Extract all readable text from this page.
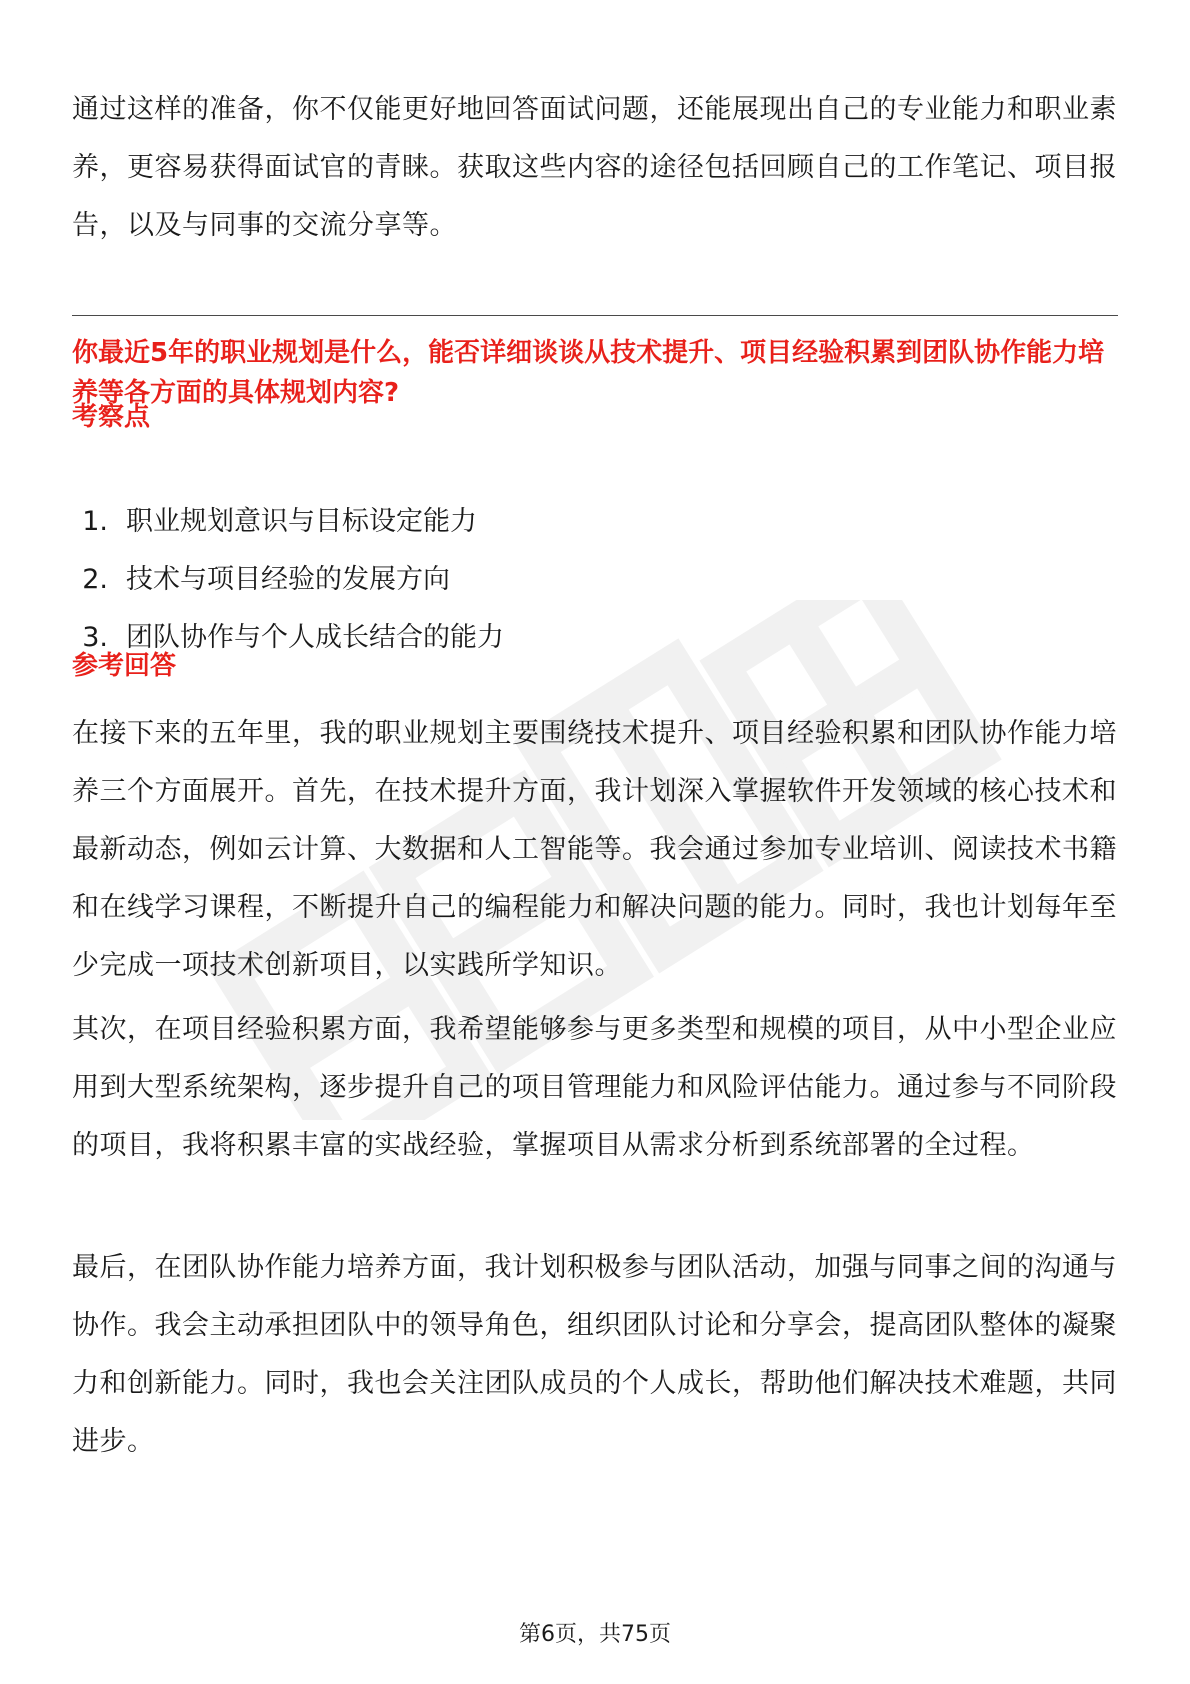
通过这样的准备，你不仅能更好地回答面试问题，还能展现出自己的专业能力和职业素养，更容易获得面试官的青睐。获取这些内容的途径包括回顾自己的工作笔记、项目报告，以及与同事的交流分享等。

你最近5年的职业规划是什么，能否详细谈谈从技术提升、项目经验积累到团队协作能力培养等各方面的具体规划内容?

考察点

1. 职业规划意识与目标设定能力
2. 技术与项目经验的发展方向
3. 团队协作与个人成长结合的能力

参考回答

在接下来的五年里，我的职业规划主要围绕技术提升、项目经验积累和团队协作能力培养三个方面展开。首先，在技术提升方面，我计划深入掌握软件开发领域的核心技术和最新动态，例如云计算、大数据和人工智能等。我会通过参加专业培训、阅读技术书籍和在线学习课程，不断提升自己的编程能力和解决问题的能力。同时，我也计划每年至少完成一项技术创新项目，以实践所学知识。

其次，在项目经验积累方面，我希望能够参与更多类型和规模的项目，从中小型企业应用到大型系统架构，逐步提升自己的项目管理能力和风险评估能力。通过参与不同阶段的项目，我将积累丰富的实战经验，掌握项目从需求分析到系统部署的全过程。

最后，在团队协作能力培养方面，我计划积极参与团队活动，加强与同事之间的沟通与协作。我会主动承担团队中的领导角色，组织团队讨论和分享会，提高团队整体的凝聚力和创新能力。同时，我也会关注团队成员的个人成长，帮助他们解决技术难题，共同进步。

第6页，共75页
